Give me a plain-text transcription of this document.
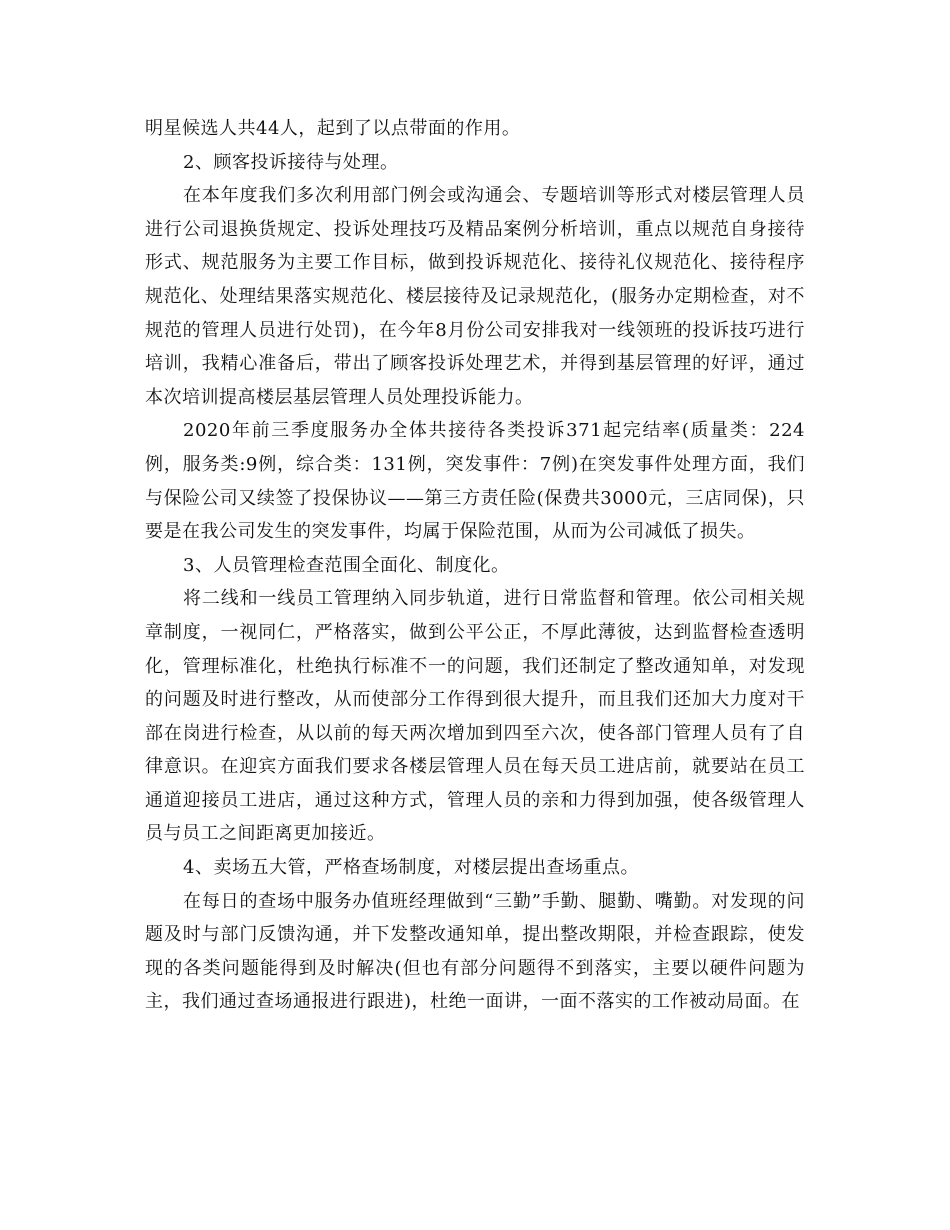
明星候选人共44人，起到了以点带面的作用。

2、顾客投诉接待与处理。

在本年度我们多次利用部门例会或沟通会、专题培训等形式对楼层管理人员进行公司退换货规定、投诉处理技巧及精品案例分析培训，重点以规范自身接待形式、规范服务为主要工作目标，做到投诉规范化、接待礼仪规范化、接待程序规范化、处理结果落实规范化、楼层接待及记录规范化，(服务办定期检查，对不规范的管理人员进行处罚)，在今年8月份公司安排我对一线领班的投诉技巧进行培训，我精心准备后，带出了顾客投诉处理艺术，并得到基层管理的好评，通过本次培训提高楼层基层管理人员处理投诉能力。

2020年前三季度服务办全体共接待各类投诉371起完结率(质量类：224例，服务类:9例，综合类：131例，突发事件：7例)在突发事件处理方面，我们与保险公司又续签了投保协议——第三方责任险(保费共3000元，三店同保)，只要是在我公司发生的突发事件，均属于保险范围，从而为公司减低了损失。

3、人员管理检查范围全面化、制度化。

将二线和一线员工管理纳入同步轨道，进行日常监督和管理。依公司相关规章制度，一视同仁，严格落实，做到公平公正，不厚此薄彼，达到监督检查透明化，管理标准化，杜绝执行标准不一的问题，我们还制定了整改通知单，对发现的问题及时进行整改，从而使部分工作得到很大提升，而且我们还加大力度对干部在岗进行检查，从以前的每天两次增加到四至六次，使各部门管理人员有了自律意识。在迎宾方面我们要求各楼层管理人员在每天员工进店前，就要站在员工通道迎接员工进店，通过这种方式，管理人员的亲和力得到加强，使各级管理人员与员工之间距离更加接近。

4、卖场五大管，严格查场制度，对楼层提出查场重点。

在每日的查场中服务办值班经理做到“三勤”手勤、腿勤、嘴勤。对发现的问题及时与部门反馈沟通，并下发整改通知单，提出整改期限，并检查跟踪，使发现的各类问题能得到及时解决(但也有部分问题得不到落实，主要以硬件问题为主，我们通过查场通报进行跟进)，杜绝一面讲，一面不落实的工作被动局面。在
